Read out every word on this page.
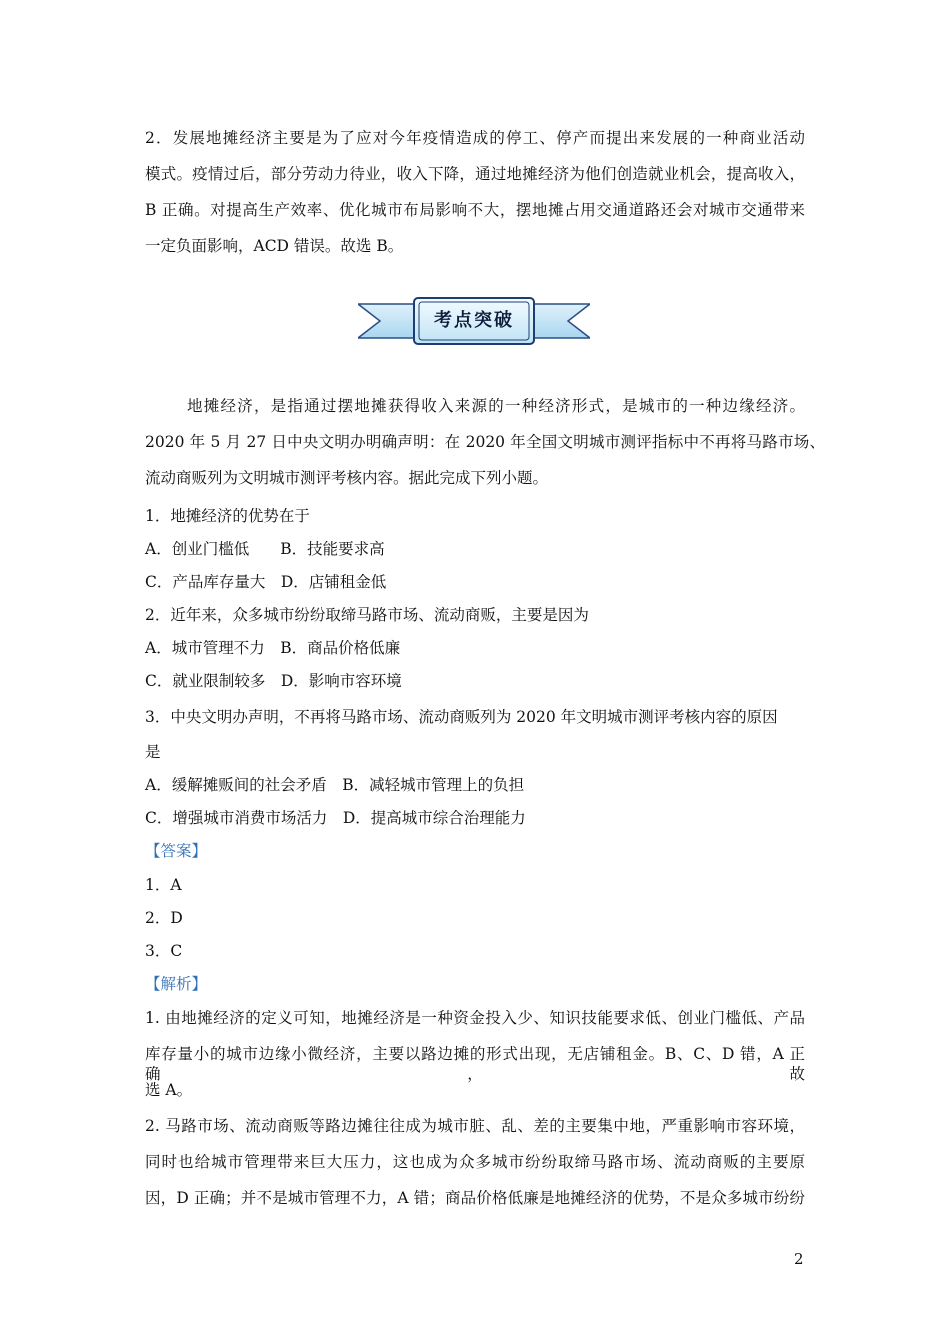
2．发展地摊经济主要是为了应对今年疫情造成的停工、停产而提出来发展的一种商业活动
模式。疫情过后，部分劳动力待业，收入下降，通过地摊经济为他们创造就业机会，提高收入，
B 正确。对提高生产效率、优化城市布局影响不大，摆地摊占用交通道路还会对城市交通带来
一定负面影响，ACD 错误。故选 B。
考点突破
地摊经济，是指通过摆地摊获得收入来源的一种经济形式，是城市的一种边缘经济。
2020 年 5 月 27 日中央文明办明确声明：在 2020 年全国文明城市测评指标中不再将马路市场、
流动商贩列为文明城市测评考核内容。据此完成下列小题。
1．地摊经济的优势在于
A．创业门槛低　　B．技能要求高
C．产品库存量大　D．店铺租金低
2．近年来，众多城市纷纷取缔马路市场、流动商贩，主要是因为
A．城市管理不力　B．商品价格低廉
C．就业限制较多　D．影响市容环境
3．中央文明办声明，不再将马路市场、流动商贩列为 2020 年文明城市测评考核内容的原因
是
A．缓解摊贩间的社会矛盾　B．减轻城市管理上的负担
C．增强城市消费市场活力　D．提高城市综合治理能力
【答案】
1．A
2．D
3．C
【解析】
1. 由地摊经济的定义可知，地摊经济是一种资金投入少、知识技能要求低、创业门槛低、产品
库存量小的城市边缘小微经济，主要以路边摊的形式出现，无店铺租金。B、C、D 错，A 正确，故
选 A。
2. 马路市场、流动商贩等路边摊往往成为城市脏、乱、差的主要集中地，严重影响市容环境，
同时也给城市管理带来巨大压力，这也成为众多城市纷纷取缔马路市场、流动商贩的主要原
因，D 正确；并不是城市管理不力，A 错；商品价格低廉是地摊经济的优势，不是众多城市纷纷
2
